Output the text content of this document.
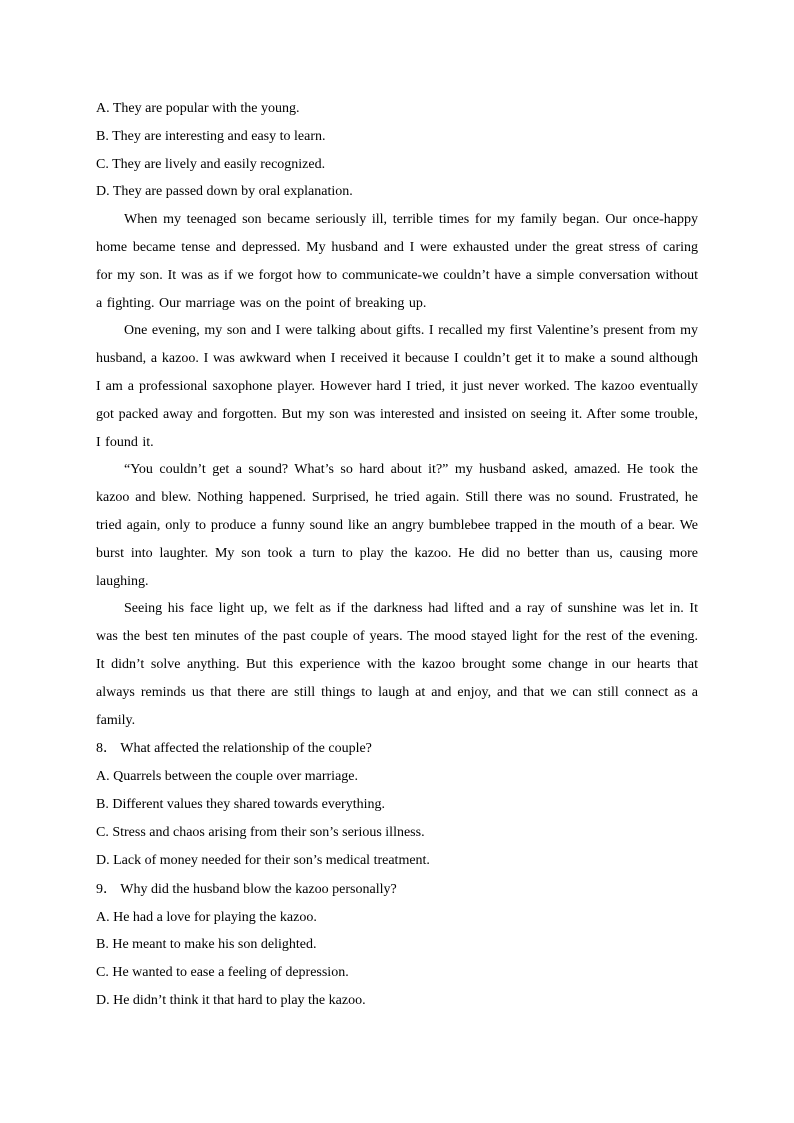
A. They are popular with the young.
B. They are interesting and easy to learn.
C. They are lively and easily recognized.
D. They are passed down by oral explanation.
When my teenaged son became seriously ill, terrible times for my family began. Our once-happy home became tense and depressed. My husband and I were exhausted under the great stress of caring for my son. It was as if we forgot how to communicate-we couldn’t have a simple conversation without a fighting. Our marriage was on the point of breaking up.
One evening, my son and I were talking about gifts. I recalled my first Valentine’s present from my husband, a kazoo. I was awkward when I received it because I couldn’t get it to make a sound although I am a professional saxophone player. However hard I tried, it just never worked. The kazoo eventually got packed away and forgotten. But my son was interested and insisted on seeing it. After some trouble, I found it.
“You couldn’t get a sound? What’s so hard about it?” my husband asked, amazed. He took the kazoo and blew. Nothing happened. Surprised, he tried again. Still there was no sound. Frustrated, he tried again, only to produce a funny sound like an angry bumblebee trapped in the mouth of a bear. We burst into laughter. My son took a turn to play the kazoo. He did no better than us, causing more laughing.
Seeing his face light up, we felt as if the darkness had lifted and a ray of sunshine was let in. It was the best ten minutes of the past couple of years. The mood stayed light for the rest of the evening. It didn’t solve anything. But this experience with the kazoo brought some change in our hearts that always reminds us that there are still things to laugh at and enjoy, and that we can still connect as a family.
8． What affected the relationship of the couple?
A. Quarrels between the couple over marriage.
B. Different values they shared towards everything.
C. Stress and chaos arising from their son’s serious illness.
D. Lack of money needed for their son’s medical treatment.
9． Why did the husband blow the kazoo personally?
A. He had a love for playing the kazoo.
B. He meant to make his son delighted.
C. He wanted to ease a feeling of depression.
D. He didn’t think it that hard to play the kazoo.
